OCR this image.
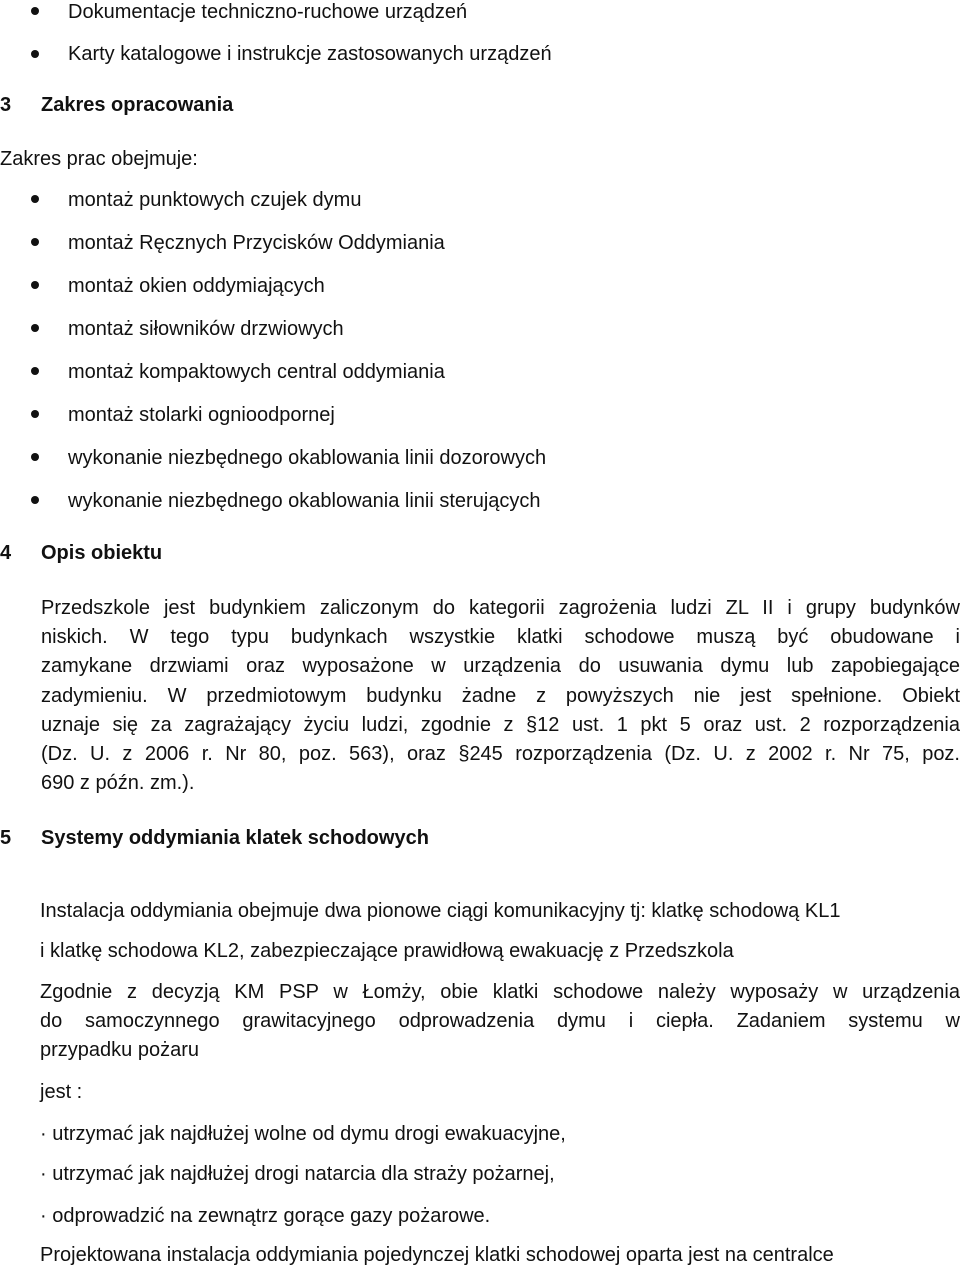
Dokumentacje techniczno-ruchowe urządzeń
Karty katalogowe i instrukcje zastosowanych urządzeń
3 Zakres opracowania
Zakres prac obejmuje:
montaż punktowych czujek dymu
montaż Ręcznych Przycisków Oddymiania
montaż okien oddymiających
montaż siłowników drzwiowych
montaż kompaktowych central oddymiania
montaż stolarki ognioodpornej
wykonanie niezbędnego okablowania linii dozorowych
wykonanie niezbędnego okablowania linii sterujących
4 Opis obiektu
Przedszkole jest budynkiem zaliczonym do kategorii zagrożenia ludzi ZL II i grupy budynków
niskich. W tego typu budynkach wszystkie klatki schodowe muszą być obudowane i
zamykane drzwiami oraz wyposażone w urządzenia do usuwania dymu lub zapobiegające
zadymieniu. W przedmiotowym budynku żadne z powyższych nie jest spełnione. Obiekt
uznaje się za zagrażający życiu ludzi, zgodnie z §12 ust. 1 pkt 5 oraz ust. 2 rozporządzenia
(Dz. U. z 2006 r. Nr 80, poz. 563), oraz §245 rozporządzenia (Dz. U. z 2002 r. Nr 75, poz.
690 z późn. zm.).
5 Systemy oddymiania klatek schodowych
Instalacja oddymiania obejmuje dwa pionowe ciągi komunikacyjny tj: klatkę schodową KL1
i klatkę schodowa KL2, zabezpieczające prawidłową ewakuację z Przedszkola
Zgodnie z decyzją KM PSP w Łomży, obie klatki schodowe należy wyposaży w urządzenia
do samoczynnego grawitacyjnego odprowadzenia dymu i ciepła. Zadaniem systemu w
przypadku pożaru
jest :
· utrzymać jak najdłużej wolne od dymu drogi ewakuacyjne,
· utrzymać jak najdłużej drogi natarcia dla straży pożarnej,
· odprowadzić na zewnątrz gorące gazy pożarowe.
Projektowana instalacja oddymiania pojedynczej klatki schodowej oparta jest na centralce
